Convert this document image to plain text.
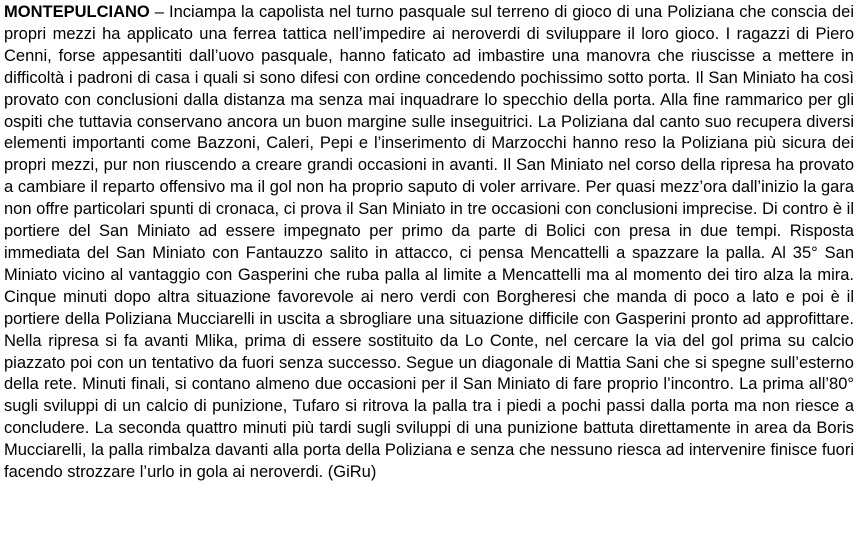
MONTEPULCIANO – Inciampa la capolista nel turno pasquale sul terreno di gioco di una Poliziana che conscia dei propri mezzi ha applicato una ferrea tattica nell’impedire ai neroverdi di sviluppare il loro gioco. I ragazzi di Piero Cenni, forse appesantiti dall’uovo pasquale, hanno faticato ad imbastire una manovra che riuscisse a mettere in difficoltà i padroni di casa i quali si sono difesi con ordine concedendo pochissimo sotto porta. Il San Miniato ha così provato con conclusioni dalla distanza ma senza mai inquadrare lo specchio della porta. Alla fine rammarico per gli ospiti che tuttavia conservano ancora un buon margine sulle inseguitrici. La Poliziana dal canto suo recupera diversi elementi importanti come Bazzoni, Caleri, Pepi e l’inserimento di Marzocchi hanno reso la Poliziana più sicura dei propri mezzi, pur non riuscendo a creare grandi occasioni in avanti. Il San Miniato nel corso della ripresa ha provato a cambiare il reparto offensivo ma il gol non ha proprio saputo di voler arrivare. Per quasi mezz’ora dall’inizio la gara non offre particolari spunti di cronaca, ci prova il San Miniato in tre occasioni con conclusioni imprecise. Di contro è il portiere del San Miniato ad essere impegnato per primo da parte di Bolici con presa in due tempi. Risposta immediata del San Miniato con Fantauzzo salito in attacco, ci pensa Mencattelli a spazzare la palla. Al 35° San Miniato vicino al vantaggio con Gasperini che ruba palla al limite a Mencattelli ma al momento dei tiro alza la mira. Cinque minuti dopo altra situazione favorevole ai nero verdi con Borgheresi che manda di poco a lato e poi è il portiere della Poliziana Mucciarelli in uscita a sbrogliare una situazione difficile con Gasperini pronto ad approfittare. Nella ripresa si fa avanti Mlika, prima di essere sostituito da Lo Conte, nel cercare la via del gol prima su calcio piazzato poi con un tentativo da fuori senza successo. Segue un diagonale di Mattia Sani che si spegne sull’esterno della rete. Minuti finali, si contano almeno due occasioni per il San Miniato di fare proprio l’incontro. La prima all’80° sugli sviluppi di un calcio di punizione, Tufaro si ritrova la palla tra i piedi a pochi passi dalla porta ma non riesce a concludere. La seconda quattro minuti più tardi sugli sviluppi di una punizione battuta direttamente in area da Boris Mucciarelli, la palla rimbalza davanti alla porta della Poliziana e senza che nessuno riesca ad intervenire finisce fuori facendo strozzare l’urlo in gola ai neroverdi. (GiRu)
